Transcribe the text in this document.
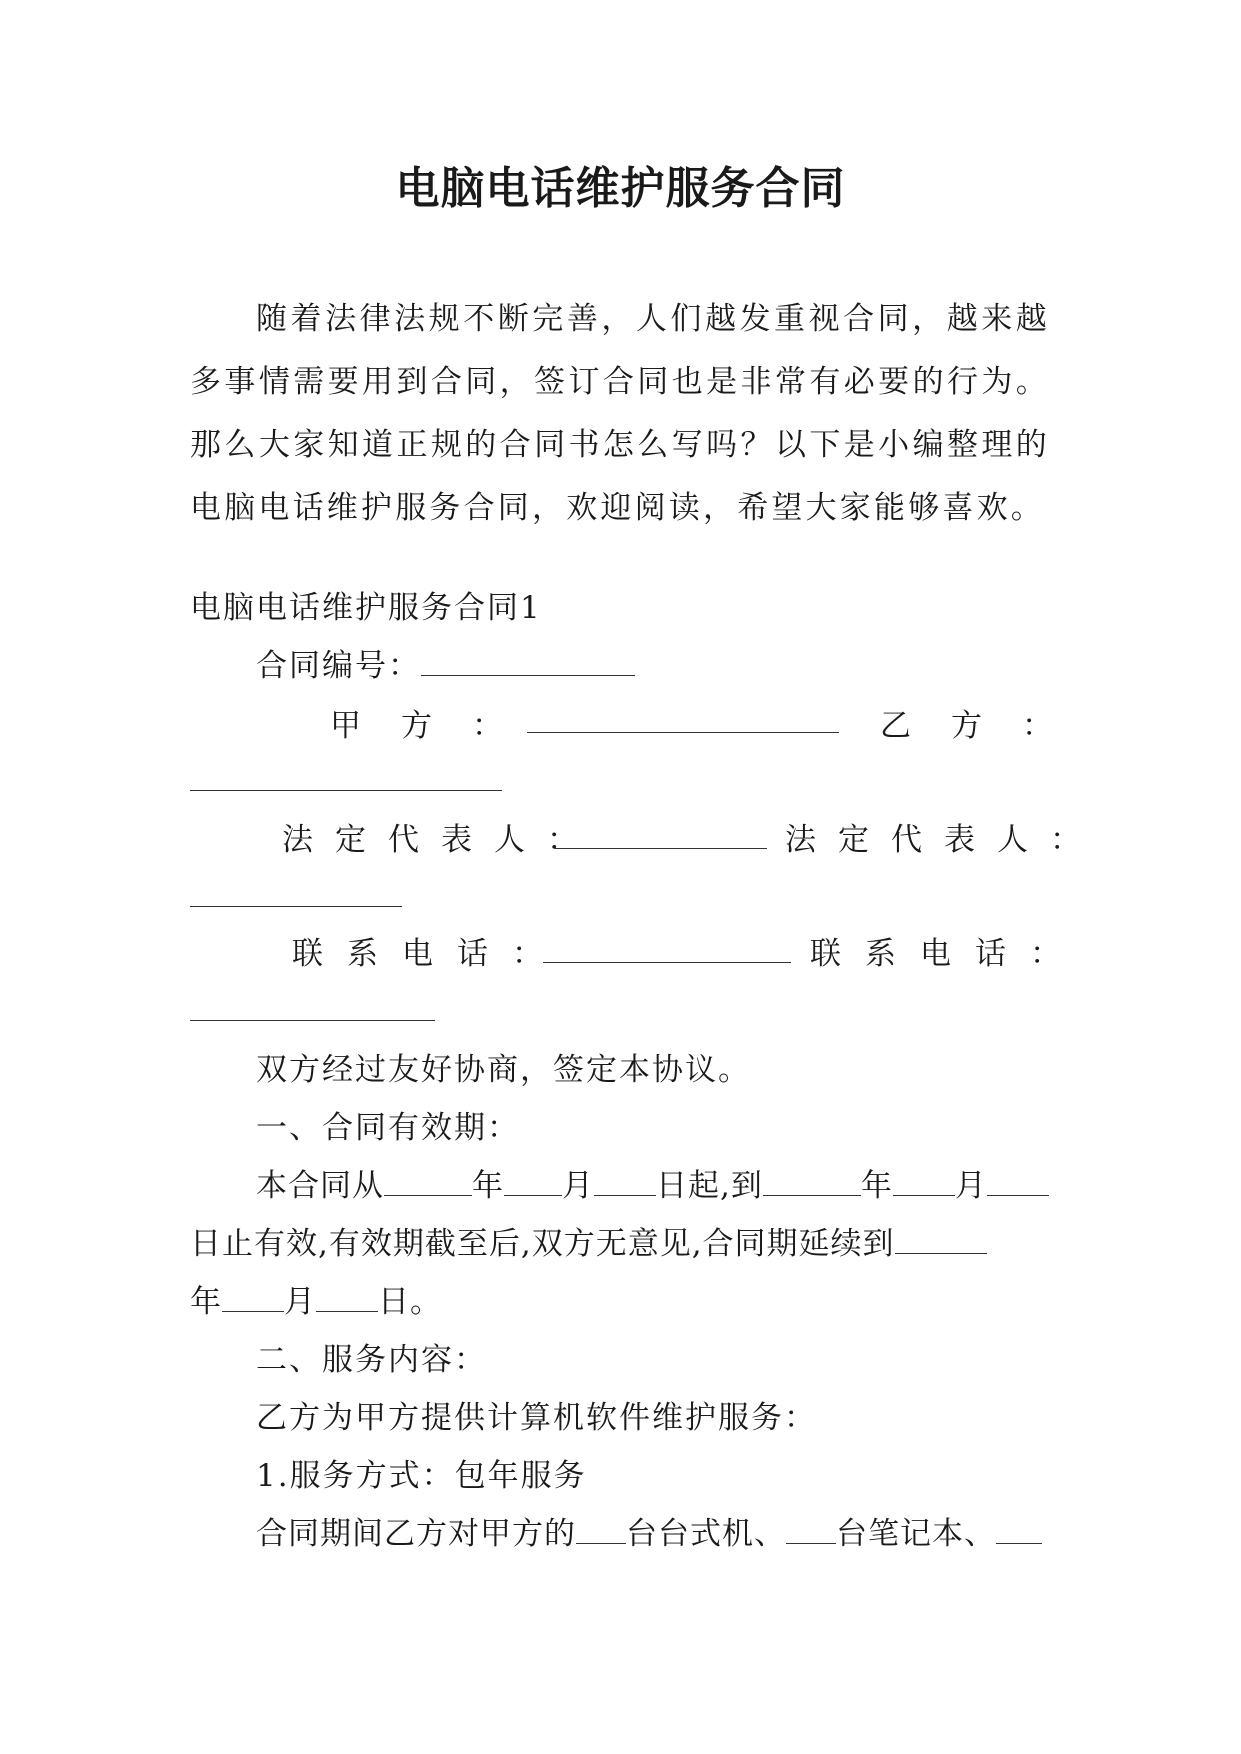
电脑电话维护服务合同

随着法律法规不断完善，人们越发重视合同，越来越多事情需要用到合同，签订合同也是非常有必要的行为。那么大家知道正规的合同书怎么写吗？以下是小编整理的电脑电话维护服务合同，欢迎阅读，希望大家能够喜欢。

电脑电话维护服务合同1
合同编号：
甲方：	乙方：
法定代表人：	法定代表人：
联系电话：	联系电话：
双方经过友好协商，签定本协议。
一、合同有效期：
本合同从	年 月 日起,到	年 月
日止有效,有效期截至后,双方无意见,合同期延续到
年 月 日。
二、服务内容：
乙方为甲方提供计算机软件维护服务：
1.服务方式：包年服务
合同期间乙方对甲方的 台台式机、 台笔记本、
